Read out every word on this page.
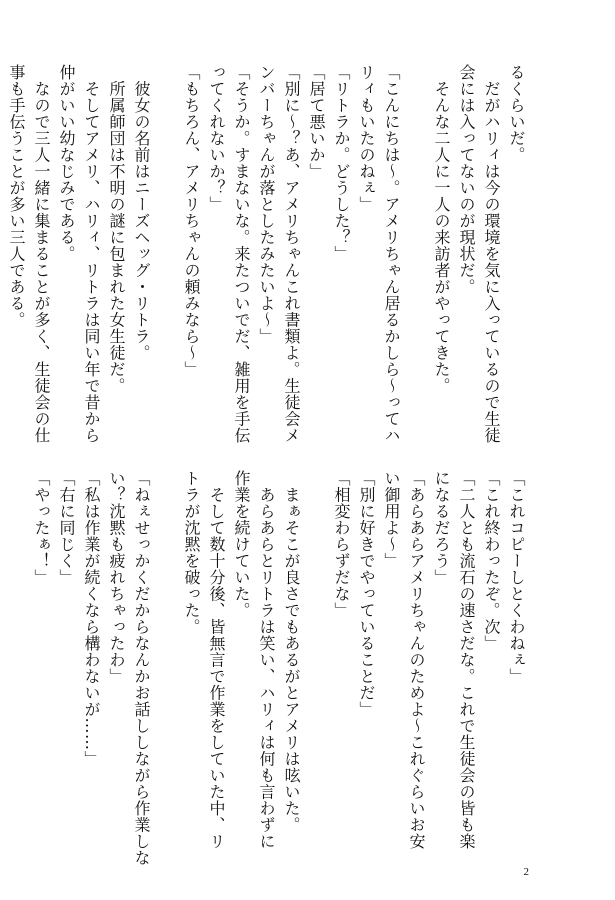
るくらいだ。
　だがハリィは今の環境を気に入っているので生徒
会には入ってないのが現状だ。
　そんな二人に一人の来訪者がやってきた。
「こんにちは〜。アメリちゃん居るかしら〜ってハ
リィもいたのねぇ」
「リトラか。どうした？」
「居て悪いか」
「別に〜？あ、アメリちゃんこれ書類よ。生徒会メ
ンバーちゃんが落としたみたいよ〜」
「そうか。すまないな。来たついでだ、雑用を手伝
ってくれないか？」
「もちろん、アメリちゃんの頼みなら〜」
　彼女の名前はニーズヘッグ・リトラ。
　所属師団は不明の謎に包まれた女生徒だ。
　そしてアメリ、ハリィ、リトラは同い年で昔から
仲がいい幼なじみである。
　なので三人一緒に集まることが多く、生徒会の仕
事も手伝うことが多い三人である。
「これコピーしとくわねぇ」
「これ終わったぞ。次」
「二人とも流石の速さだな。これで生徒会の皆も楽
になるだろう」
「あらあらアメリちゃんのためよ〜これぐらいお安
い御用よ〜」
「別に好きでやっていることだ」
「相変わらずだな」
　まぁそこが良さでもあるがとアメリは呟いた。
　あらあらとリトラは笑い、ハリィは何も言わずに
作業を続けていた。
　そして数十分後、皆無言で作業をしていた中、リ
トラが沈黙を破った。
「ねぇせっかくだからなんかお話ししながら作業しな
い？沈黙も疲れちゃったわ」
「私は作業が続くなら構わないが……」
「右に同じく」
「やったぁ！」
2
